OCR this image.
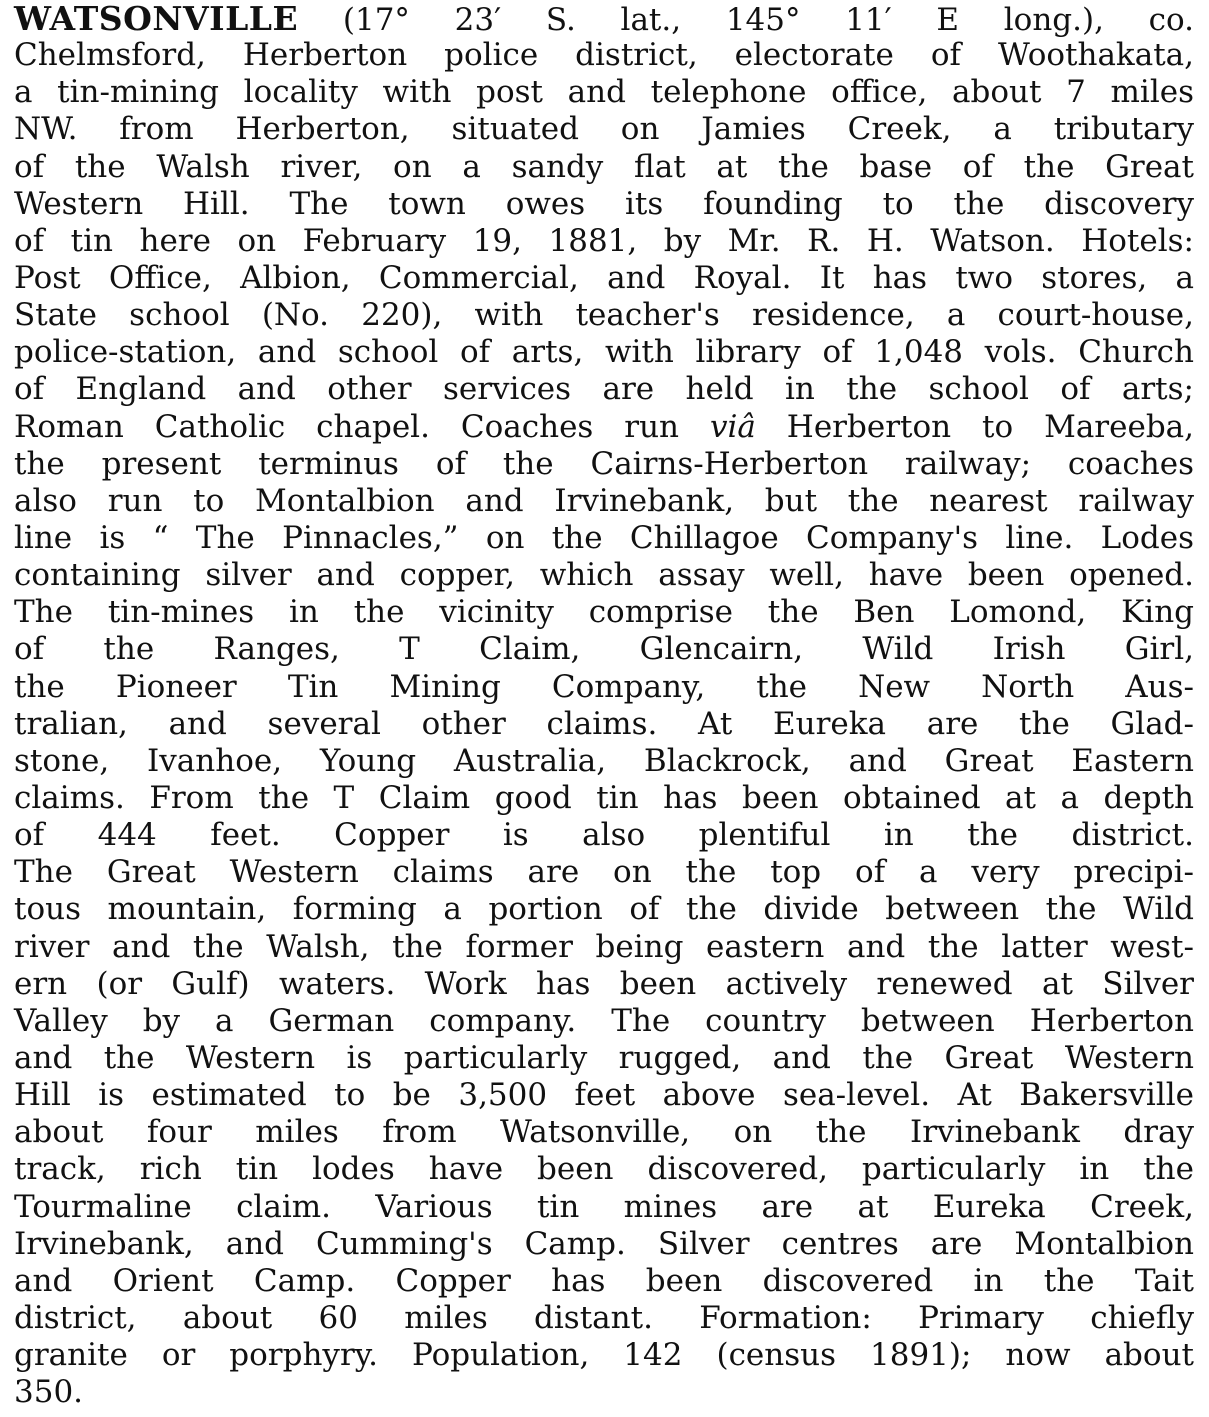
WATSONVILLE (17° 23′ S. lat., 145° 11′ E long.), co.
Chelmsford, Herberton police district, electorate of Woothakata,
a tin-mining locality with post and telephone office, about 7 miles
NW. from Herberton, situated on Jamies Creek, a tributary
of the Walsh river, on a sandy flat at the base of the Great
Western Hill. The town owes its founding to the discovery
of tin here on February 19, 1881, by Mr. R. H. Watson. Hotels:
Post Office, Albion, Commercial, and Royal. It has two stores, a
State school (No. 220), with teacher's residence, a court-house,
police-station, and school of arts, with library of 1,048 vols. Church
of England and other services are held in the school of arts;
Roman Catholic chapel. Coaches run viâ Herberton to Mareeba,
the present terminus of the Cairns-Herberton railway; coaches
also run to Montalbion and Irvinebank, but the nearest railway
line is “ The Pinnacles,” on the Chillagoe Company's line. Lodes
containing silver and copper, which assay well, have been opened.
The tin-mines in the vicinity comprise the Ben Lomond, King
of the Ranges, T Claim, Glencairn, Wild Irish Girl,
the Pioneer Tin Mining Company, the New North Aus-
tralian, and several other claims. At Eureka are the Glad-
stone, Ivanhoe, Young Australia, Blackrock, and Great Eastern
claims. From the T Claim good tin has been obtained at a depth
of 444 feet. Copper is also plentiful in the district.
The Great Western claims are on the top of a very precipi-
tous mountain, forming a portion of the divide between the Wild
river and the Walsh, the former being eastern and the latter west-
ern (or Gulf) waters. Work has been actively renewed at Silver
Valley by a German company. The country between Herberton
and the Western is particularly rugged, and the Great Western
Hill is estimated to be 3,500 feet above sea-level. At Bakersville
about four miles from Watsonville, on the Irvinebank dray
track, rich tin lodes have been discovered, particularly in the
Tourmaline claim. Various tin mines are at Eureka Creek,
Irvinebank, and Cumming's Camp. Silver centres are Montalbion
and Orient Camp. Copper has been discovered in the Tait
district, about 60 miles distant. Formation: Primary chiefly
granite or porphyry. Population, 142 (census 1891); now about
350.
